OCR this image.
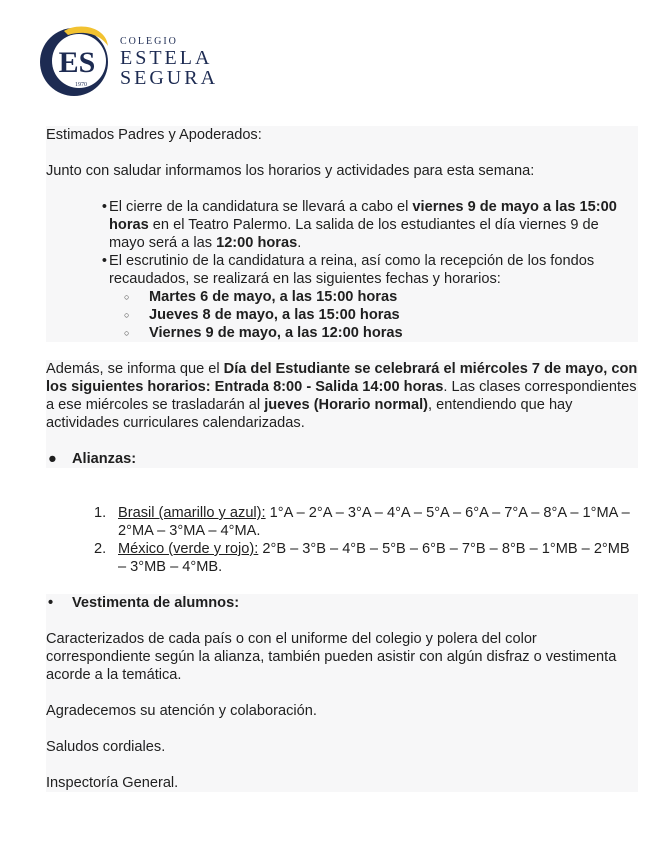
ES
1970
COLEGIO
ESTELA
SEGURA

Estimados Padres y Apoderados:

Junto con saludar informamos los horarios y actividades para esta semana:

• El cierre de la candidatura se llevará a cabo el viernes 9 de mayo a las 15:00 horas en el Teatro Palermo. La salida de los estudiantes el día viernes 9 de mayo será a las 12:00 horas.
• El escrutinio de la candidatura a reina, así como la recepción de los fondos recaudados, se realizará en las siguientes fechas y horarios:
○ Martes 6 de mayo, a las 15:00 horas
○ Jueves 8 de mayo, a las 15:00 horas
○ Viernes 9 de mayo, a las 12:00 horas

Además, se informa que el Día del Estudiante se celebrará el miércoles 7 de mayo, con los siguientes horarios: Entrada 8:00 - Salida 14:00 horas. Las clases correspondientes a ese miércoles se trasladarán al jueves (Horario normal), entendiendo que hay actividades curriculares calendarizadas.

●	Alianzas:
1. Brasil (amarillo y azul): 1°A – 2°A – 3°A – 4°A – 5°A – 6°A – 7°A – 8°A – 1°MA – 2°MA – 3°MA – 4°MA.
2. México (verde y rojo): 2°B – 3°B – 4°B – 5°B – 6°B – 7°B – 8°B – 1°MB – 2°MB – 3°MB – 4°MB.
•	Vestimenta de alumnos:

Caracterizados de cada país o con el uniforme del colegio y polera del color correspondiente según la alianza, también pueden asistir con algún disfraz o vestimenta acorde a la temática.

Agradecemos su atención y colaboración.

Saludos cordiales.

Inspectoría General.
